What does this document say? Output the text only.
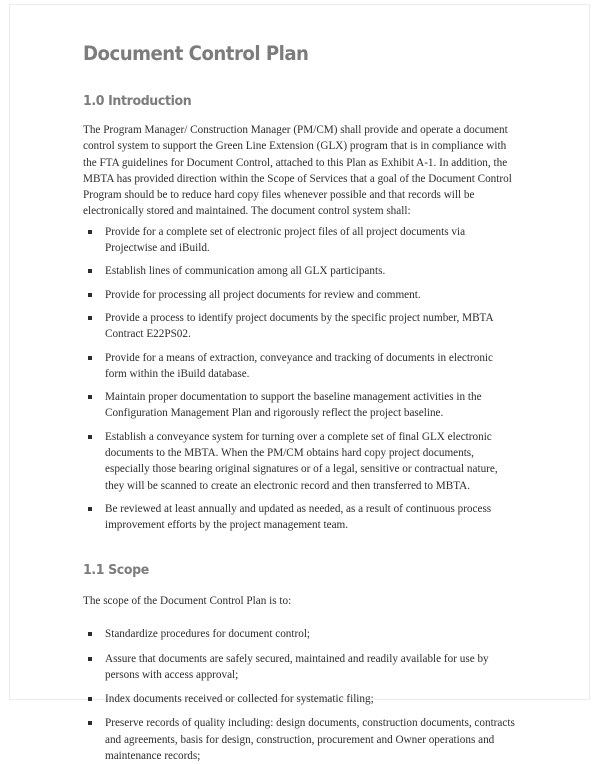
Document Control Plan
1.0 Introduction

The Program Manager/ Construction Manager (PM/CM) shall provide and operate a document control system to support the Green Line Extension (GLX) program that is in compliance with the FTA guidelines for Document Control, attached to this Plan as Exhibit A-1. In addition, the MBTA has provided direction within the Scope of Services that a goal of the Document Control Program should be to reduce hard copy files whenever possible and that records will be electronically stored and maintained. The document control system shall:

Provide for a complete set of electronic project files of all project documents via Projectwise and iBuild.
Establish lines of communication among all GLX participants.
Provide for processing all project documents for review and comment.
Provide a process to identify project documents by the specific project number, MBTA Contract E22PS02.
Provide for a means of extraction, conveyance and tracking of documents in electronic form within the iBuild database.
Maintain proper documentation to support the baseline management activities in the Configuration Management Plan and rigorously reflect the project baseline.
Establish a conveyance system for turning over a complete set of final GLX electronic documents to the MBTA. When the PM/CM obtains hard copy project documents, especially those bearing original signatures or of a legal, sensitive or contractual nature, they will be scanned to create an electronic record and then transferred to MBTA.
Be reviewed at least annually and updated as needed, as a result of continuous process improvement efforts by the project management team.
1.1 Scope

The scope of the Document Control Plan is to:

Standardize procedures for document control;
Assure that documents are safely secured, maintained and readily available for use by persons with access approval;
Index documents received or collected for systematic filing;
Preserve records of quality including: design documents, construction documents, contracts and agreements, basis for design, construction, procurement and Owner operations and maintenance records;
